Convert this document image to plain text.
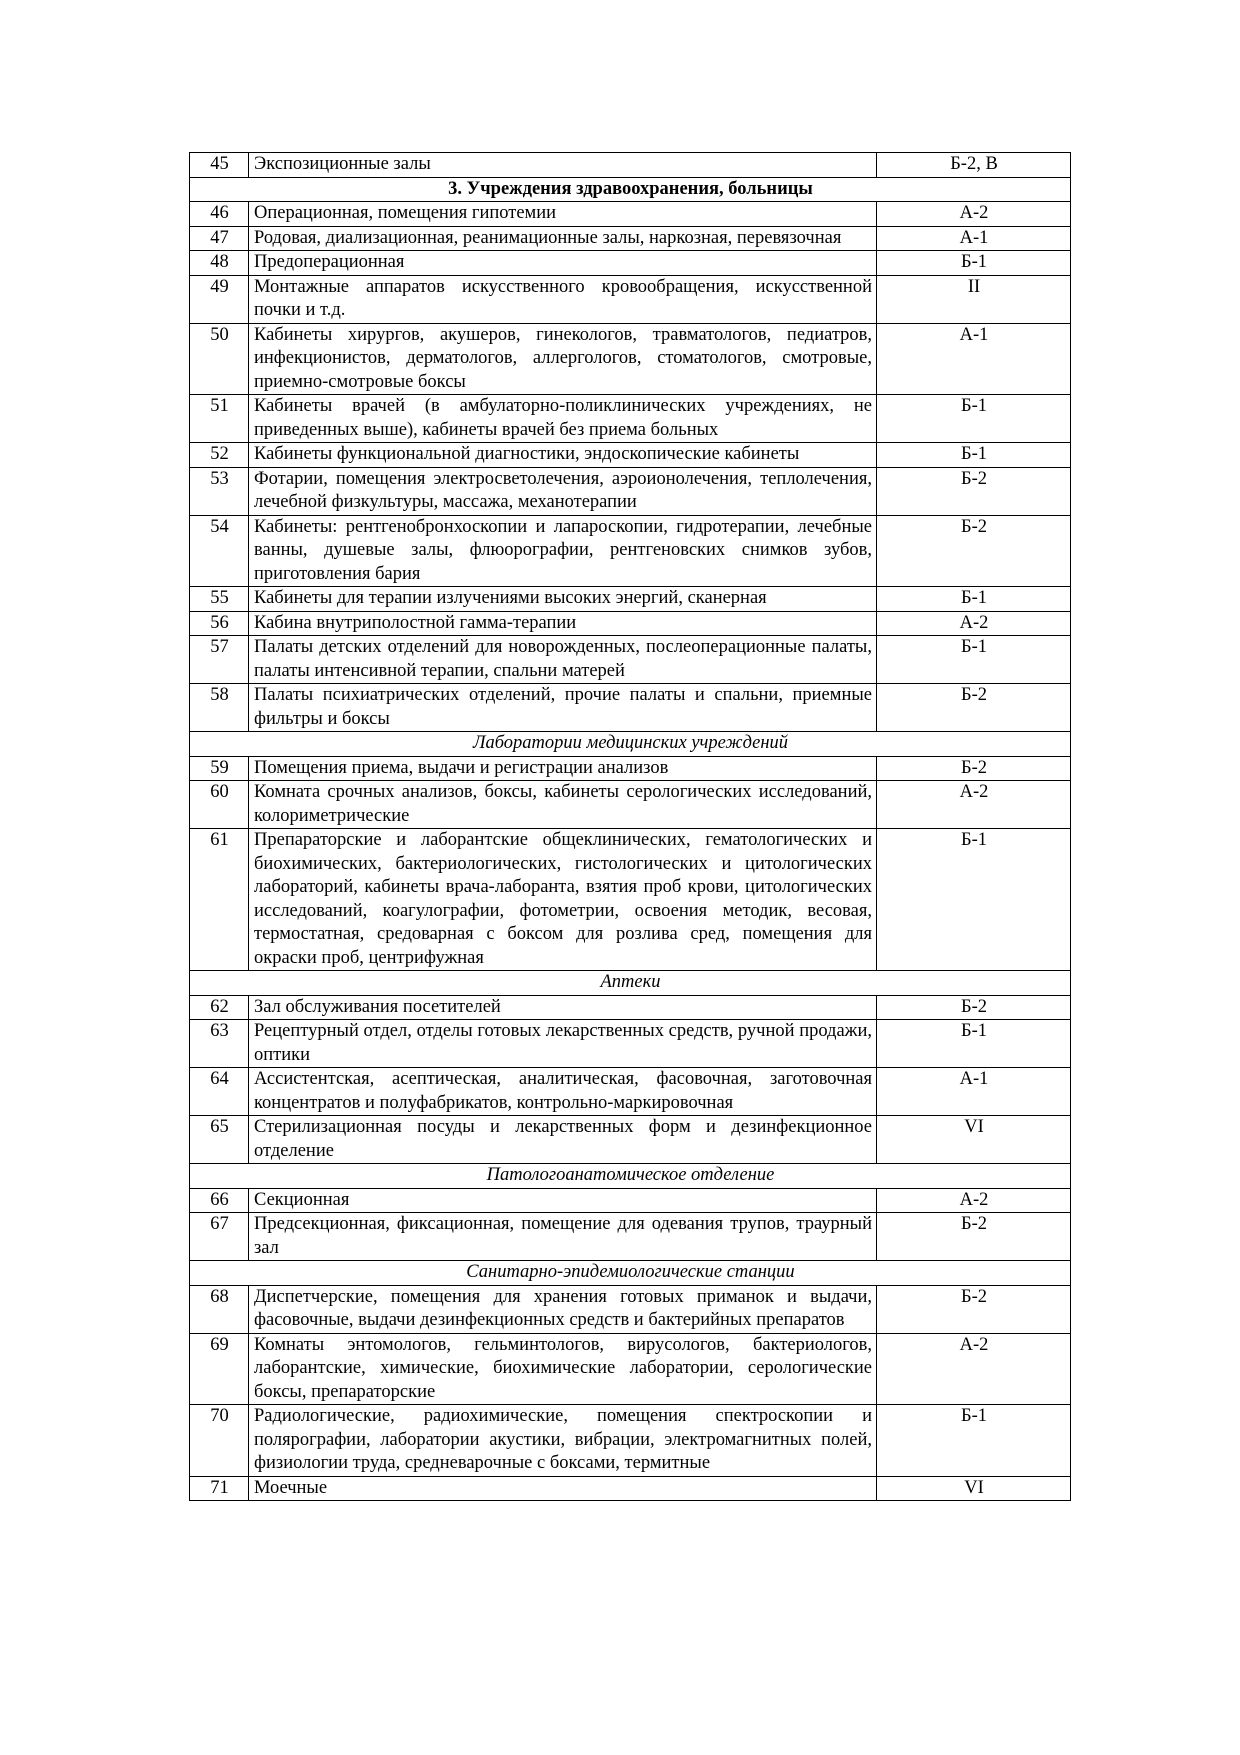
45	Экспозиционные залы	Б-2, В
3. Учреждения здравоохранения, больницы		
46	Операционная, помещения гипотемии	А-2
47	Родовая, диализационная, реанимационные залы, наркозная, перевязочная	А-1
48	Предоперационная	Б-1
49	Монтажные аппаратов искусственного кровообращения, искусственной почки и т.д.	II
50	Кабинеты хирургов, акушеров, гинекологов, травматологов, педиатров, инфекционистов, дерматологов, аллергологов, стоматологов, смотровые, приемно-смотровые боксы	А-1
51	Кабинеты врачей (в амбулаторно-поликлинических учреждениях, не приведенных выше), кабинеты врачей без приема больных	Б-1
52	Кабинеты функциональной диагностики, эндоскопические кабинеты	Б-1
53	Фотарии, помещения электросветолечения, аэроионолечения, теплолечения, лечебной физкультуры, массажа, механотерапии	Б-2
54	Кабинеты: рентгенобронхоскопии и лапароскопии, гидротерапии, лечебные ванны, душевые залы, флюорографии, рентгеновских снимков зубов, приготовления бария	Б-2
55	Кабинеты для терапии излучениями высоких энергий, сканерная	Б-1
56	Кабина внутриполостной гамма-терапии	А-2
57	Палаты детских отделений для новорожденных, послеоперационные палаты, палаты интенсивной терапии, спальни матерей	Б-1
58	Палаты психиатрических отделений, прочие палаты и спальни, приемные фильтры и боксы	Б-2
Лаборатории медицинских учреждений		
59	Помещения приема, выдачи и регистрации анализов	Б-2
60	Комната срочных анализов, боксы, кабинеты серологических исследований, колориметрические	А-2
61	Препараторские и лаборантские общеклинических, гематологических и биохимических, бактериологических, гистологических и цитологических лабораторий, кабинеты врача-лаборанта, взятия проб крови, цитологических исследований, коагулографии, фотометрии, освоения методик, весовая, термостатная, средоварная с боксом для розлива сред, помещения для окраски проб, центрифужная	Б-1
Аптеки		
62	Зал обслуживания посетителей	Б-2
63	Рецептурный отдел, отделы готовых лекарственных средств, ручной продажи, оптики	Б-1
64	Ассистентская, асептическая, аналитическая, фасовочная, заготовочная концентратов и полуфабрикатов, контрольно-маркировочная	А-1
65	Стерилизационная посуды и лекарственных форм и дезинфекционное отделение	VI
Патологоанатомическое отделение		
66	Секционная	А-2
67	Предсекционная, фиксационная, помещение для одевания трупов, траурный зал	Б-2
Санитарно-эпидемиологические станции		
68	Диспетчерские, помещения для хранения готовых приманок и выдачи, фасовочные, выдачи дезинфекционных средств и бактерийных препаратов	Б-2
69	Комнаты энтомологов, гельминтологов, вирусологов, бактериологов, лаборантские, химические, биохимические лаборатории, серологические боксы, препараторские	А-2
70	Радиологические, радиохимические, помещения спектроскопии и полярографии, лаборатории акустики, вибрации, электромагнитных полей, физиологии труда, средневарочные с боксами, термитные	Б-1
71	Моечные	VI
